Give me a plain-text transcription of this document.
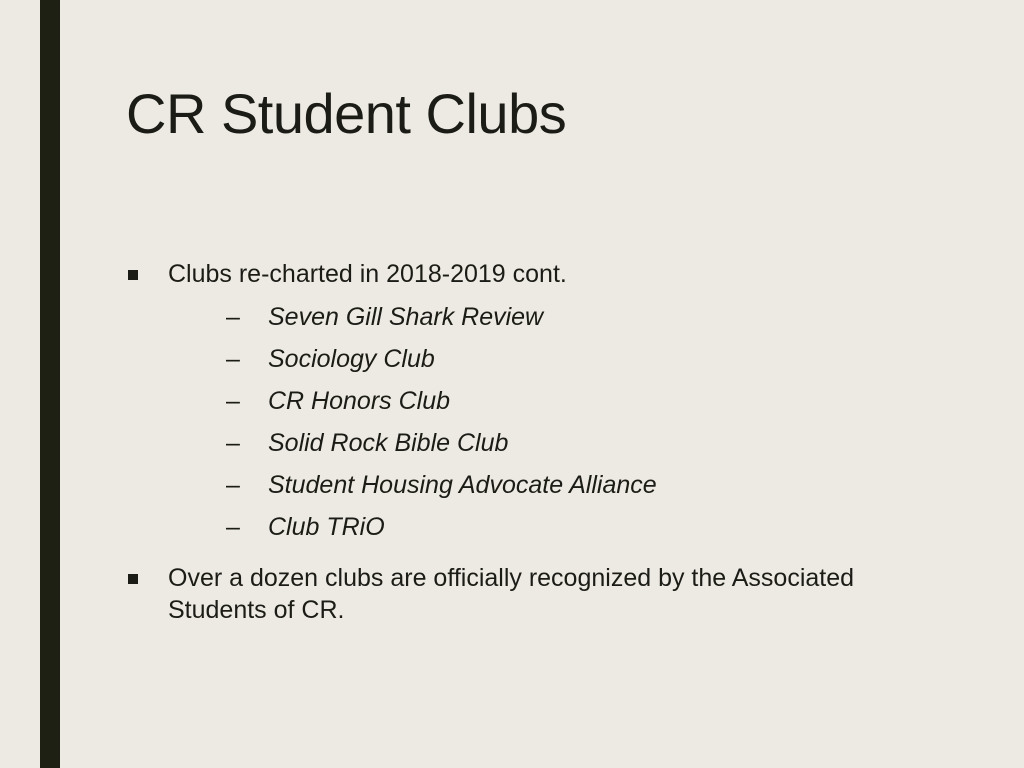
CR Student Clubs
Clubs re-charted in 2018-2019 cont.
– Seven Gill Shark Review
– Sociology Club
– CR Honors Club
– Solid Rock Bible Club
– Student Housing Advocate Alliance
– Club TRiO
Over a dozen clubs are officially recognized by the Associated Students of CR.
